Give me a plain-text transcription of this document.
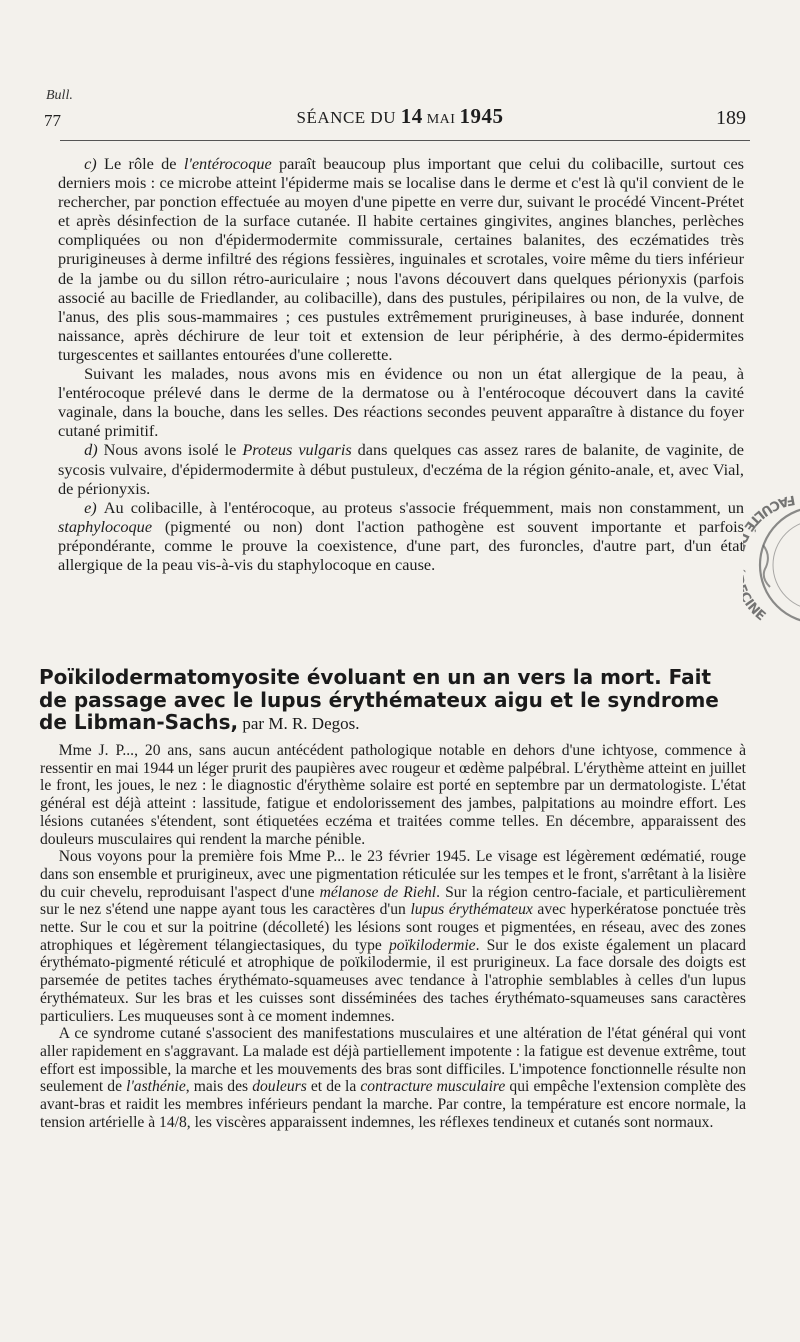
Bull.
77	SÉANCE DU 14 MAI 1945	189

c) Le rôle de l'entérocoque paraît beaucoup plus important que celui du colibacille, surtout ces derniers mois : ce microbe atteint l'épiderme mais se localise dans le derme et c'est là qu'il convient de le rechercher, par ponction effectuée au moyen d'une pipette en verre dur, suivant le procédé Vincent-Prétet et après désinfection de la surface cutanée. Il habite certaines gingivites, angines blanches, perlèches compliquées ou non d'épidermodermite commissurale, certaines balanites, des eczématides très prurigineuses à derme infiltré des régions fessières, inguinales et scrotales, voire même du tiers inférieur de la jambe ou du sillon rétro-auriculaire ; nous l'avons découvert dans quelques périonyxis (parfois associé au bacille de Friedlander, au colibacille), dans des pustules, péripilaires ou non, de la vulve, de l'anus, des plis sous-mammaires ; ces pustules extrêmement prurigineuses, à base indurée, donnent naissance, après déchirure de leur toit et extension de leur périphérie, à des dermo-épidermites turgescentes et saillantes entourées d'une collerette.

Suivant les malades, nous avons mis en évidence ou non un état allergique de la peau, à l'entérocoque prélevé dans le derme de la dermatose ou à l'entérocoque découvert dans la cavité vaginale, dans la bouche, dans les selles. Des réactions secondes peuvent apparaître à distance du foyer cutané primitif.

d) Nous avons isolé le Proteus vulgaris dans quelques cas assez rares de balanite, de vaginite, de sycosis vulvaire, d'épidermodermite à début pustuleux, d'eczéma de la région génito-anale, et, avec Vial, de périonyxis.

e) Au colibacille, à l'entérocoque, au proteus s'associe fréquemment, mais non constamment, un staphylocoque (pigmenté ou non) dont l'action pathogène est souvent importante et parfois prépondérante, comme le prouve la coexistence, d'une part, des furoncles, d'autre part, d'un état allergique de la peau vis-à-vis du staphylocoque en cause.

FACULT NE
Poïkilodermatomyosite évoluant en un an vers la mort. Fait de passage avec le lupus érythémateux aigu et le syndrome de Libman-Sachs, par M. R. Degos.

Mme J. P..., 20 ans, sans aucun antécédent pathologique notable en dehors d'une ichtyose, commence à ressentir en mai 1944 un léger prurit des paupières avec rougeur et œdème palpébral. L'érythème atteint en juillet le front, les joues, le nez : le diagnostic d'érythème solaire est porté en septembre par un dermatologiste. L'état général est déjà atteint : lassitude, fatigue et endolorissement des jambes, palpitations au moindre effort. Les lésions cutanées s'étendent, sont étiquetées eczéma et traitées comme telles. En décembre, apparaissent des douleurs musculaires qui rendent la marche pénible.

Nous voyons pour la première fois Mme P... le 23 février 1945. Le visage est légèrement œdématié, rouge dans son ensemble et prurigineux, avec une pigmentation réticulée sur les tempes et le front, s'arrêtant à la lisière du cuir chevelu, reproduisant l'aspect d'une mélanose de Riehl. Sur la région centro-faciale, et particulièrement sur le nez s'étend une nappe ayant tous les caractères d'un lupus érythémateux avec hyperkératose ponctuée très nette. Sur le cou et sur la poitrine (décolleté) les lésions sont rouges et pigmentées, en réseau, avec des zones atrophiques et légèrement télangiectasiques, du type poïkilodermie. Sur le dos existe également un placard érythémato-pigmenté réticulé et atrophique de poïkilodermie, il est prurigineux. La face dorsale des doigts est parsemée de petites taches érythémato-squameuses avec tendance à l'atrophie semblables à celles d'un lupus érythémateux. Sur les bras et les cuisses sont disséminées des taches érythémato-squameuses sans caractères particuliers. Les muqueuses sont à ce moment indemnes.

A ce syndrome cutané s'associent des manifestations musculaires et une altération de l'état général qui vont aller rapidement en s'aggravant. La malade est déjà partiellement impotente : la fatigue est devenue extrême, tout effort est impossible, la marche et les mouvements des bras sont difficiles. L'impotence fonctionnelle résulte non seulement de l'asthénie, mais des douleurs et de la contracture musculaire qui empêche l'extension complète des avant-bras et raidit les membres inférieurs pendant la marche. Par contre, la température est encore normale, la tension artérielle à 14/8, les viscères apparaissent indemnes, les réflexes tendineux et cutanés sont normaux.
